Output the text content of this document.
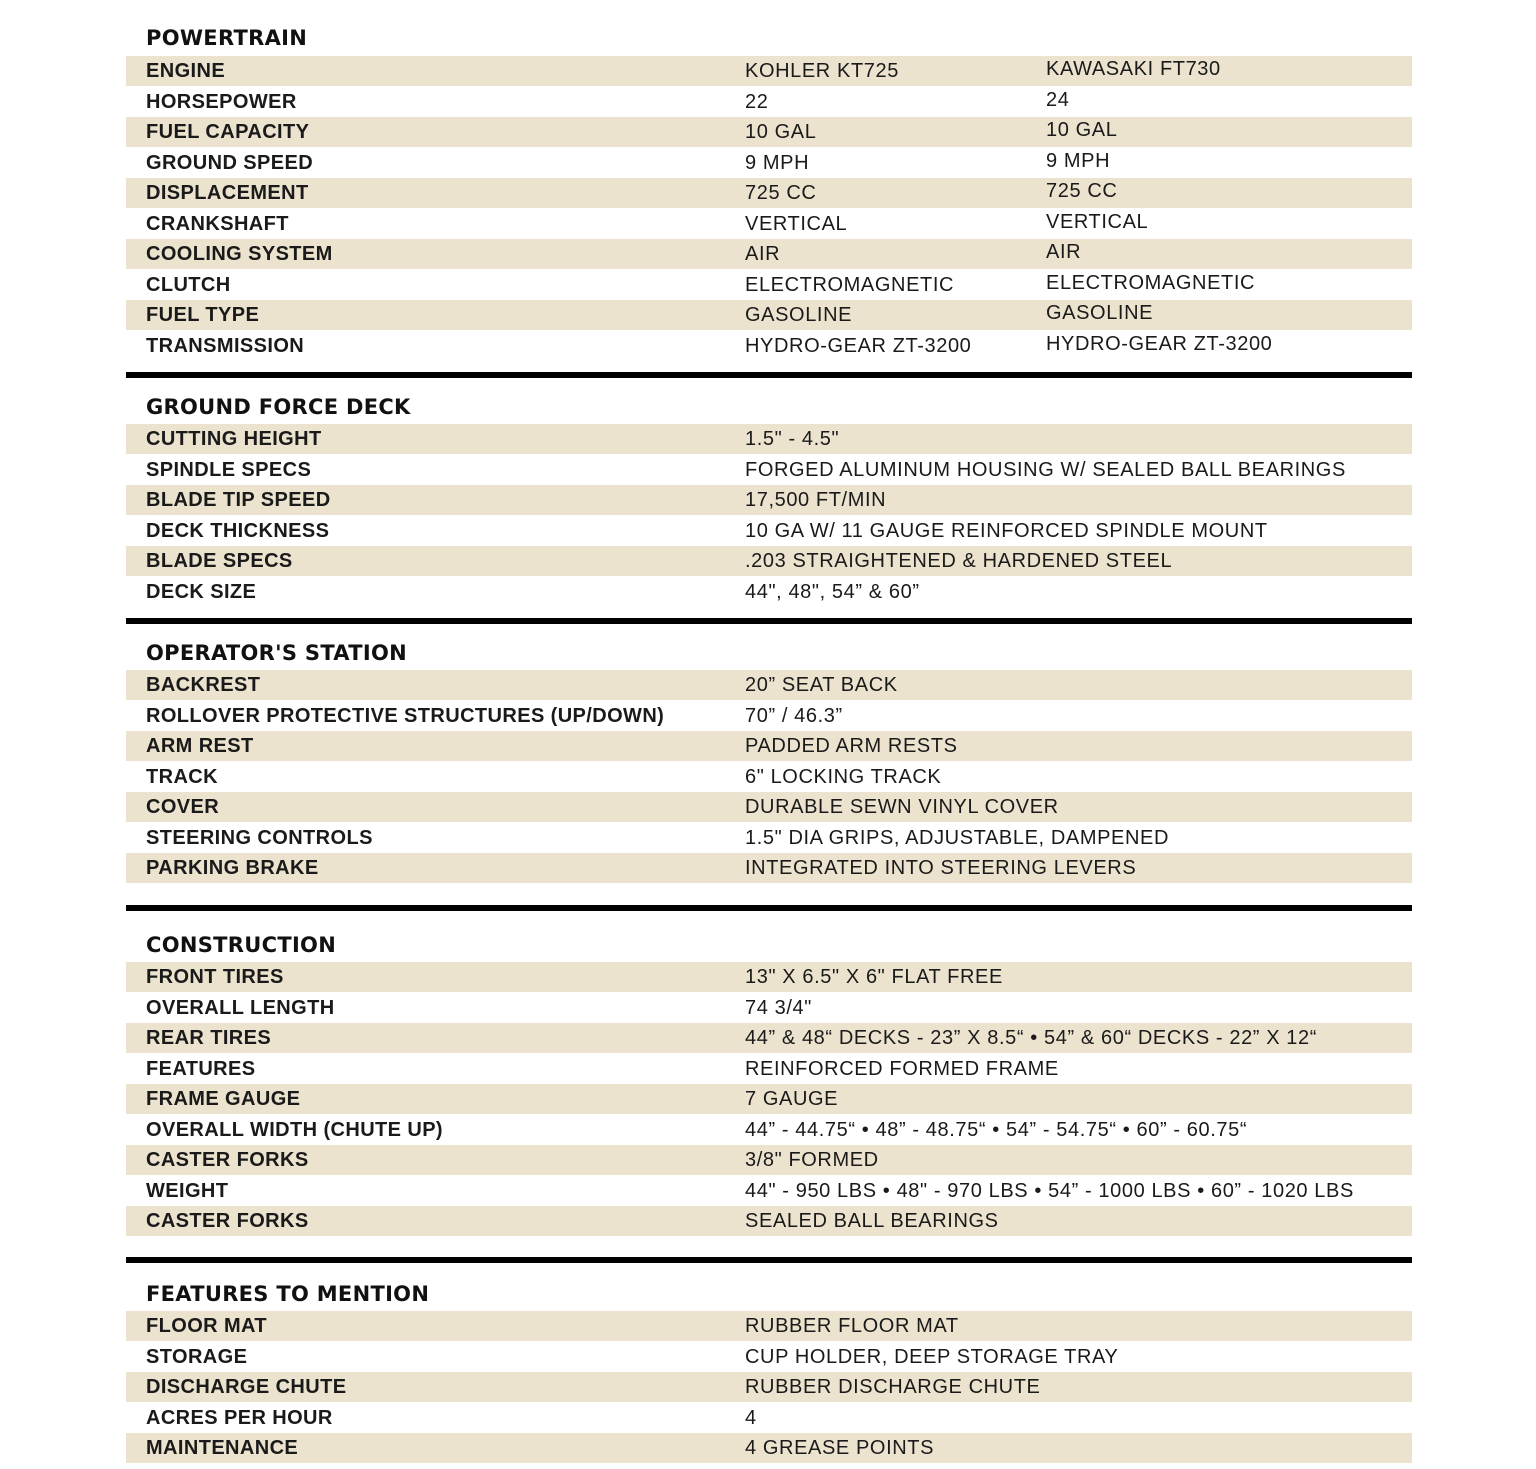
POWERTRAIN
ENGINE	KOHLER KT725	KAWASAKI FT730
HORSEPOWER	22	24
FUEL CAPACITY	10 GAL	10 GAL
GROUND SPEED	9 MPH	9 MPH
DISPLACEMENT	725 CC	725 CC
CRANKSHAFT	VERTICAL	VERTICAL
COOLING SYSTEM	AIR	AIR
CLUTCH	ELECTROMAGNETIC	ELECTROMAGNETIC
FUEL TYPE	GASOLINE	GASOLINE
TRANSMISSION	HYDRO-GEAR ZT-3200	HYDRO-GEAR ZT-3200
GROUND FORCE DECK
CUTTING HEIGHT	1.5" - 4.5"
SPINDLE SPECS	FORGED ALUMINUM HOUSING W/ SEALED BALL BEARINGS
BLADE TIP SPEED	17,500 FT/MIN
DECK THICKNESS	10 GA W/ 11 GAUGE REINFORCED SPINDLE MOUNT
BLADE SPECS	.203 STRAIGHTENED & HARDENED STEEL
DECK SIZE	44", 48", 54” & 60”
OPERATOR'S STATION
BACKREST	20” SEAT BACK
ROLLOVER PROTECTIVE STRUCTURES (UP/DOWN)	70” / 46.3”
ARM REST	PADDED ARM RESTS
TRACK	6" LOCKING TRACK
COVER	DURABLE SEWN VINYL COVER
STEERING CONTROLS	1.5" DIA GRIPS, ADJUSTABLE, DAMPENED
PARKING BRAKE	INTEGRATED INTO STEERING LEVERS
CONSTRUCTION
FRONT TIRES	13" X 6.5" X 6" FLAT FREE
OVERALL LENGTH	74 3/4"
REAR TIRES	44” & 48“ DECKS - 23” X 8.5“ • 54” & 60“ DECKS - 22” X 12“
FEATURES	REINFORCED FORMED FRAME
FRAME GAUGE	7 GAUGE
OVERALL WIDTH (CHUTE UP)	44” - 44.75“ • 48” - 48.75“ • 54” - 54.75“ • 60” - 60.75“
CASTER FORKS	3/8" FORMED
WEIGHT	44" - 950 LBS • 48" - 970 LBS • 54” - 1000 LBS • 60” - 1020 LBS
CASTER FORKS	SEALED BALL BEARINGS
FEATURES TO MENTION
FLOOR MAT	RUBBER FLOOR MAT
STORAGE	CUP HOLDER, DEEP STORAGE TRAY
DISCHARGE CHUTE	RUBBER DISCHARGE CHUTE
ACRES PER HOUR	4
MAINTENANCE	4 GREASE POINTS
